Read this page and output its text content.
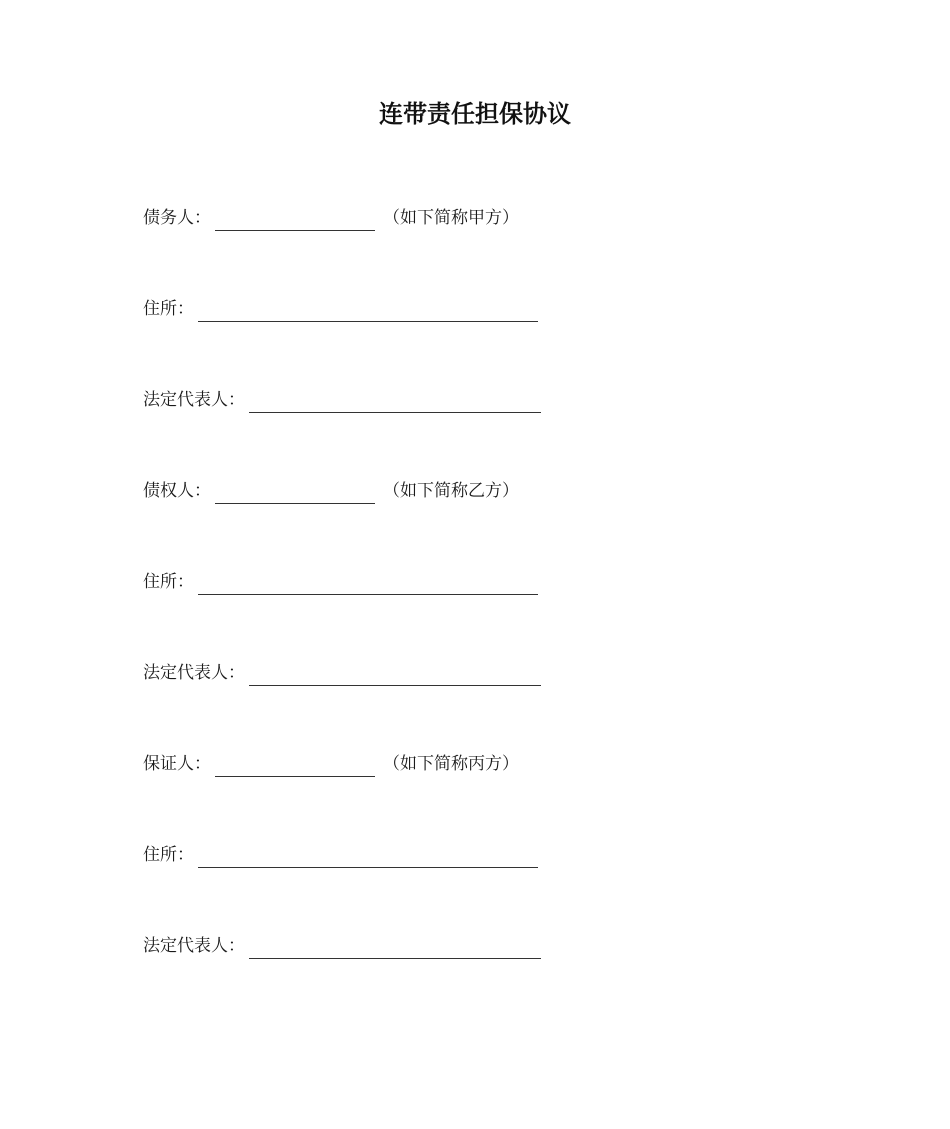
连带责任担保协议
债务人：	（如下简称甲方）
住所：
法定代表人：
债权人：	（如下简称乙方）
住所：
法定代表人：
保证人：	（如下简称丙方）
住所：
法定代表人：
